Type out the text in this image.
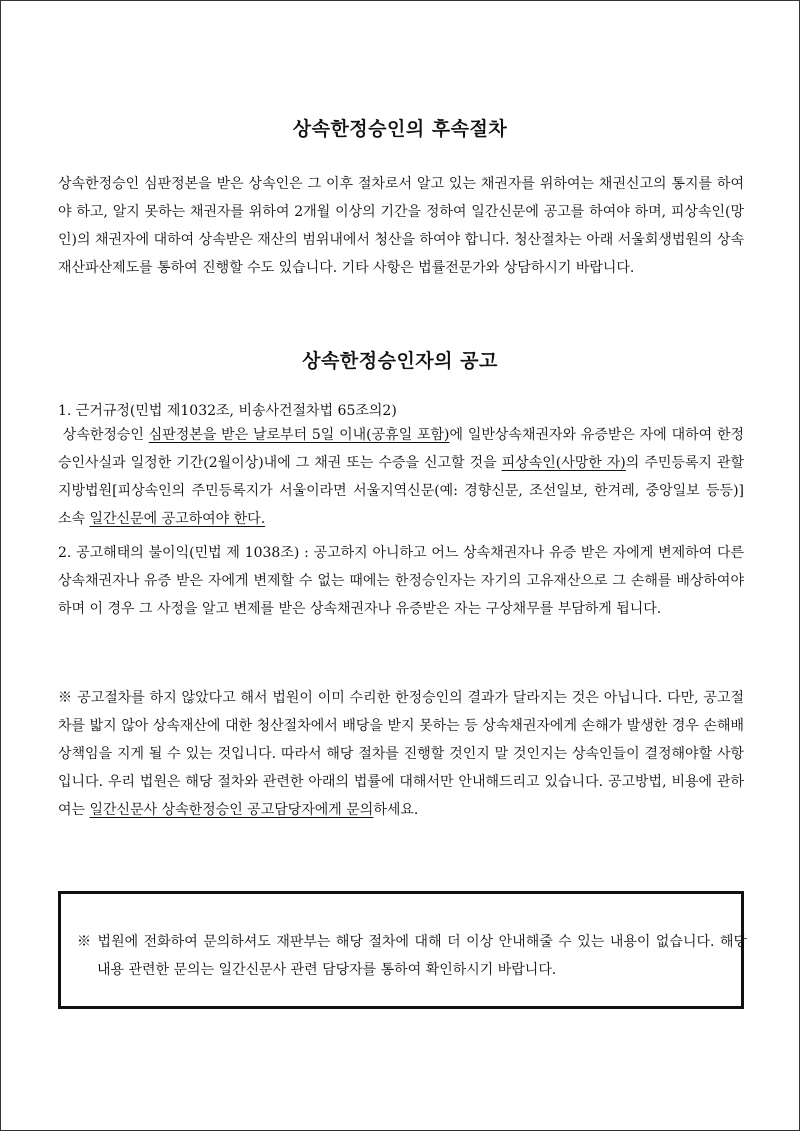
상속한정승인의 후속절차

상속한정승인 심판정본을 받은 상속인은 그 이후 절차로서 알고 있는 채권자를 위하여는 채권신고의 통지를 하여야 하고, 알지 못하는 채권자를 위하여 2개월 이상의 기간을 정하여 일간신문에 공고를 하여야 하며, 피상속인(망인)의 채권자에 대하여 상속받은 재산의 범위내에서 청산을 하여야 합니다. 청산절차는 아래 서울회생법원의 상속재산파산제도를 통하여 진행할 수도 있습니다. 기타 사항은 법률전문가와 상담하시기 바랍니다.

상속한정승인자의 공고

1. 근거규정(민법 제1032조, 비송사건절차법 65조의2)

상속한정승인 심판정본을 받은 날로부터 5일 이내(공휴일 포함)에 일반상속채권자와 유증받은 자에 대하여 한정승인사실과 일정한 기간(2월이상)내에 그 채권 또는 수증을 신고할 것을 피상속인(사망한 자)의 주민등록지 관할 지방법원[피상속인의 주민등록지가 서울이라면 서울지역신문(예: 경향신문, 조선일보, 한겨레, 중앙일보 등등)] 소속 일간신문에 공고하여야 한다.

2. 공고해태의 불이익(민법 제 1038조) : 공고하지 아니하고 어느 상속채권자나 유증 받은 자에게 변제하여 다른 상속채권자나 유증 받은 자에게 변제할 수 없는 때에는 한정승인자는 자기의 고유재산으로 그 손해를 배상하여야 하며 이 경우 그 사정을 알고 변제를 받은 상속채권자나 유증받은 자는 구상채무를 부담하게 됩니다.

※ 공고절차를 하지 않았다고 해서 법원이 이미 수리한 한정승인의 결과가 달라지는 것은 아닙니다. 다만, 공고절차를 밟지 않아 상속재산에 대한 청산절차에서 배당을 받지 못하는 등 상속채권자에게 손해가 발생한 경우 손해배상책임을 지게 될 수 있는 것입니다. 따라서 해당 절차를 진행할 것인지 말 것인지는 상속인들이 결정해야할 사항입니다. 우리 법원은 해당 절차와 관련한 아래의 법률에 대해서만 안내해드리고 있습니다. 공고방법, 비용에 관하여는 일간신문사 상속한정승인 공고담당자에게 문의하세요.

※ 법원에 전화하여 문의하셔도 재판부는 해당 절차에 대해 더 이상 안내해줄 수 있는 내용이 없습니다. 해당 내용 관련한 문의는 일간신문사 관련 담당자를 통하여 확인하시기 바랍니다.
